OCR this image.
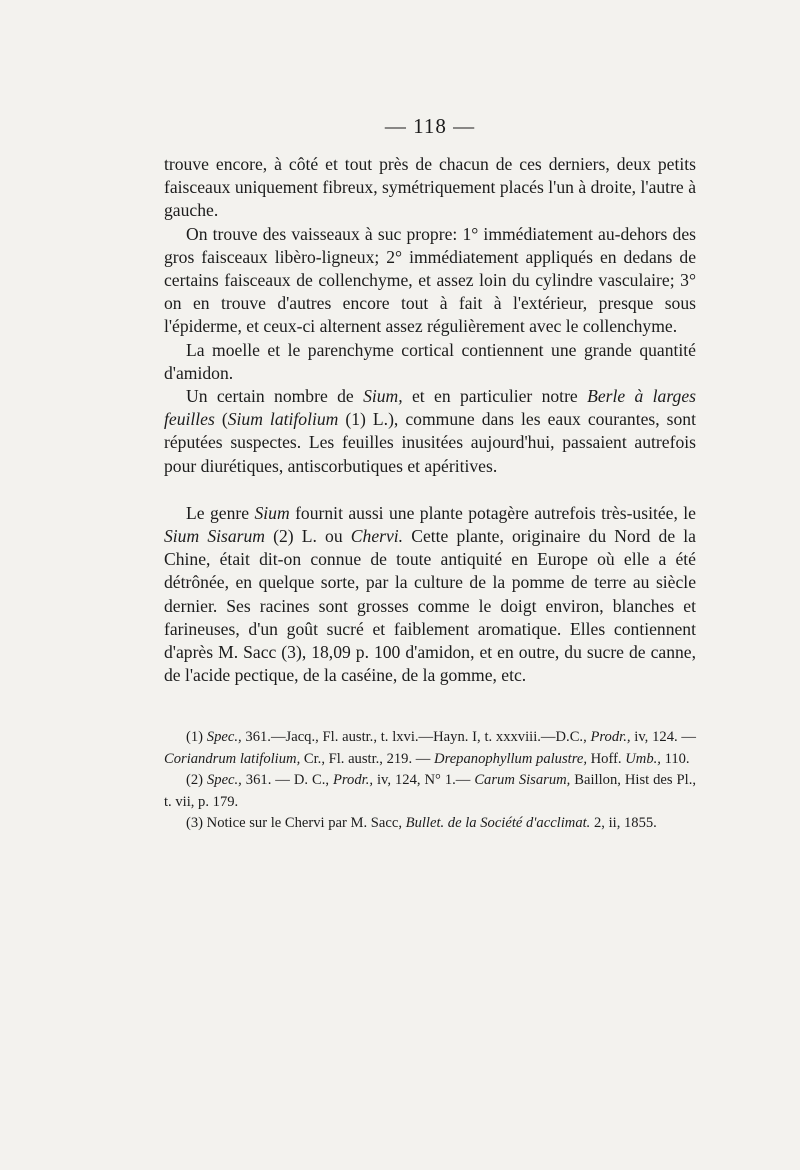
— 118 —

trouve encore, à côté et tout près de chacun de ces derniers, deux petits faisceaux uniquement fibreux, symétriquement placés l'un à droite, l'autre à gauche.

On trouve des vaisseaux à suc propre: 1° immédiatement au-dehors des gros faisceaux libèro-ligneux; 2° immédiatement appliqués en dedans de certains faisceaux de collenchyme, et assez loin du cylindre vasculaire; 3° on en trouve d'autres encore tout à fait à l'extérieur, presque sous l'épiderme, et ceux-ci alternent assez régulièrement avec le collenchyme.

La moelle et le parenchyme cortical contiennent une grande quantité d'amidon.

Un certain nombre de Sium, et en particulier notre Berle à larges feuilles (Sium latifolium (1) L.), commune dans les eaux courantes, sont réputées suspectes. Les feuilles inusitées aujourd'hui, passaient autrefois pour diurétiques, antiscorbutiques et apéritives.

Le genre Sium fournit aussi une plante potagère autrefois très-usitée, le Sium Sisarum (2) L. ou Chervi. Cette plante, originaire du Nord de la Chine, était dit-on connue de toute antiquité en Europe où elle a été détrônée, en quelque sorte, par la culture de la pomme de terre au siècle dernier. Ses racines sont grosses comme le doigt environ, blanches et farineuses, d'un goût sucré et faiblement aromatique. Elles contiennent d'après M. Sacc (3), 18,09 p. 100 d'amidon, et en outre, du sucre de canne, de l'acide pectique, de la caséine, de la gomme, etc.

(1) Spec., 361.—Jacq., Fl. austr., t. lxvi.—Hayn. I, t. xxxviii.—D.C., Prodr., iv, 124. — Coriandrum latifolium, Cr., Fl. austr., 219. — Drepanophyllum palustre, Hoff. Umb., 110.

(2) Spec., 361. — D. C., Prodr., iv, 124, N° 1.— Carum Sisarum, Baillon, Hist des Pl., t. vii, p. 179.

(3) Notice sur le Chervi par M. Sacc, Bullet. de la Société d'acclimat. 2, ii, 1855.
